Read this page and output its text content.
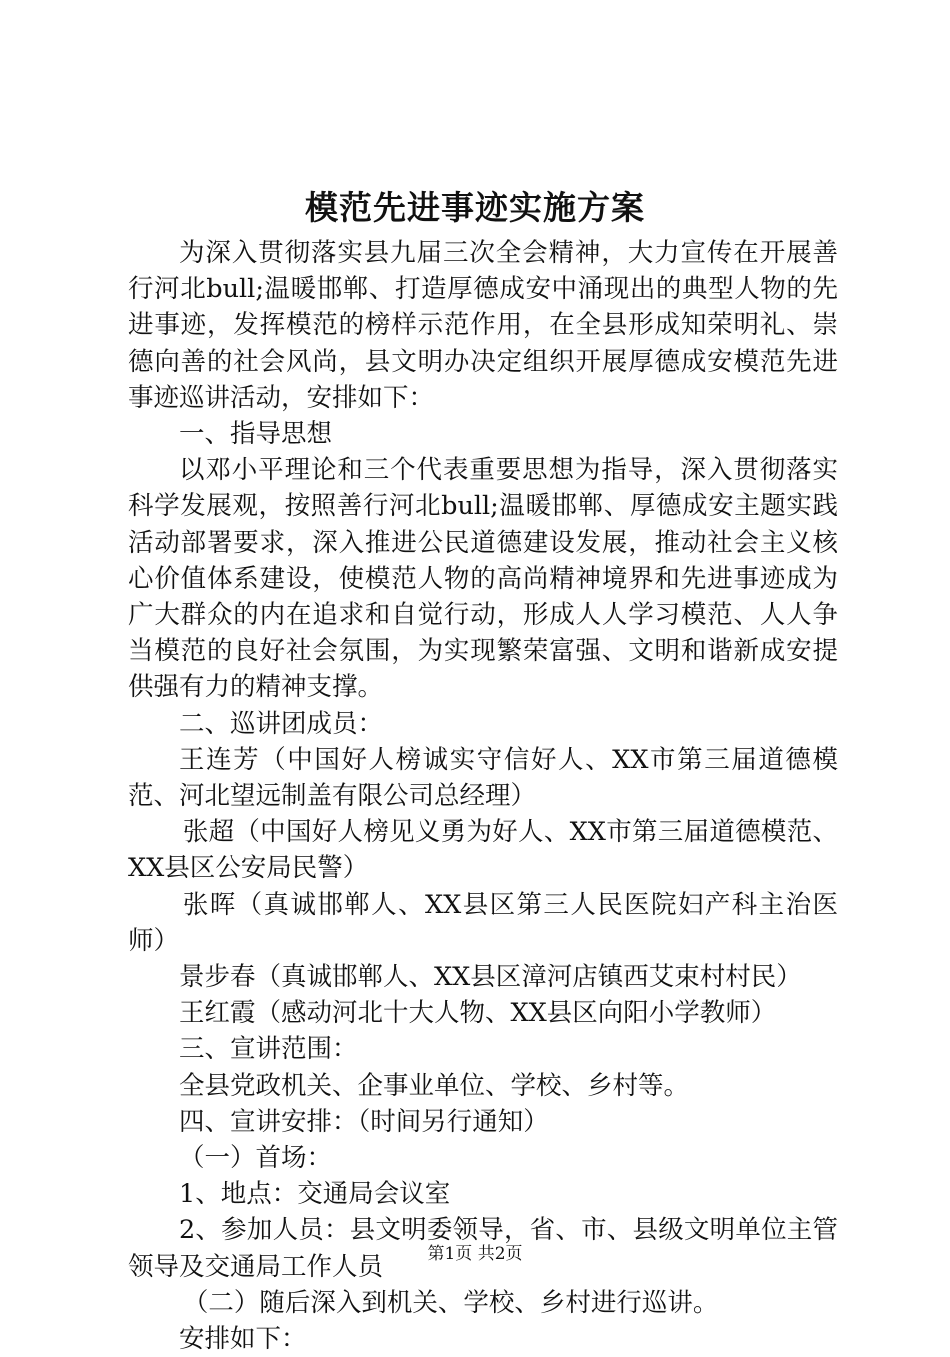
模范先进事迹实施方案

为深入贯彻落实县九届三次全会精神，大力宣传在开展善行河北bull;温暖邯郸、打造厚德成安中涌现出的典型人物的先进事迹，发挥模范的榜样示范作用，在全县形成知荣明礼、崇德向善的社会风尚，县文明办决定组织开展厚德成安模范先进事迹巡讲活动，安排如下：

一、指导思想

以邓小平理论和三个代表重要思想为指导，深入贯彻落实科学发展观，按照善行河北bull;温暖邯郸、厚德成安主题实践活动部署要求，深入推进公民道德建设发展，推动社会主义核心价值体系建设，使模范人物的高尚精神境界和先进事迹成为广大群众的内在追求和自觉行动，形成人人学习模范、人人争当模范的良好社会氛围，为实现繁荣富强、文明和谐新成安提供强有力的精神支撑。

二、巡讲团成员：

王连芳（中国好人榜诚实守信好人、XX市第三届道德模范、河北望远制盖有限公司总经理）

张超（中国好人榜见义勇为好人、XX市第三届道德模范、XX县区公安局民警）

张晖（真诚邯郸人、XX县区第三人民医院妇产科主治医师）

景步春（真诚邯郸人、XX县区漳河店镇西艾束村村民）

王红霞（感动河北十大人物、XX县区向阳小学教师）

三、宣讲范围：

全县党政机关、企事业单位、学校、乡村等。

四、宣讲安排：（时间另行通知）

（一）首场：

1、地点：交通局会议室

2、参加人员：县文明委领导，省、市、县级文明单位主管领导及交通局工作人员

（二）随后深入到机关、学校、乡村进行巡讲。

安排如下：

第1页 共2页
